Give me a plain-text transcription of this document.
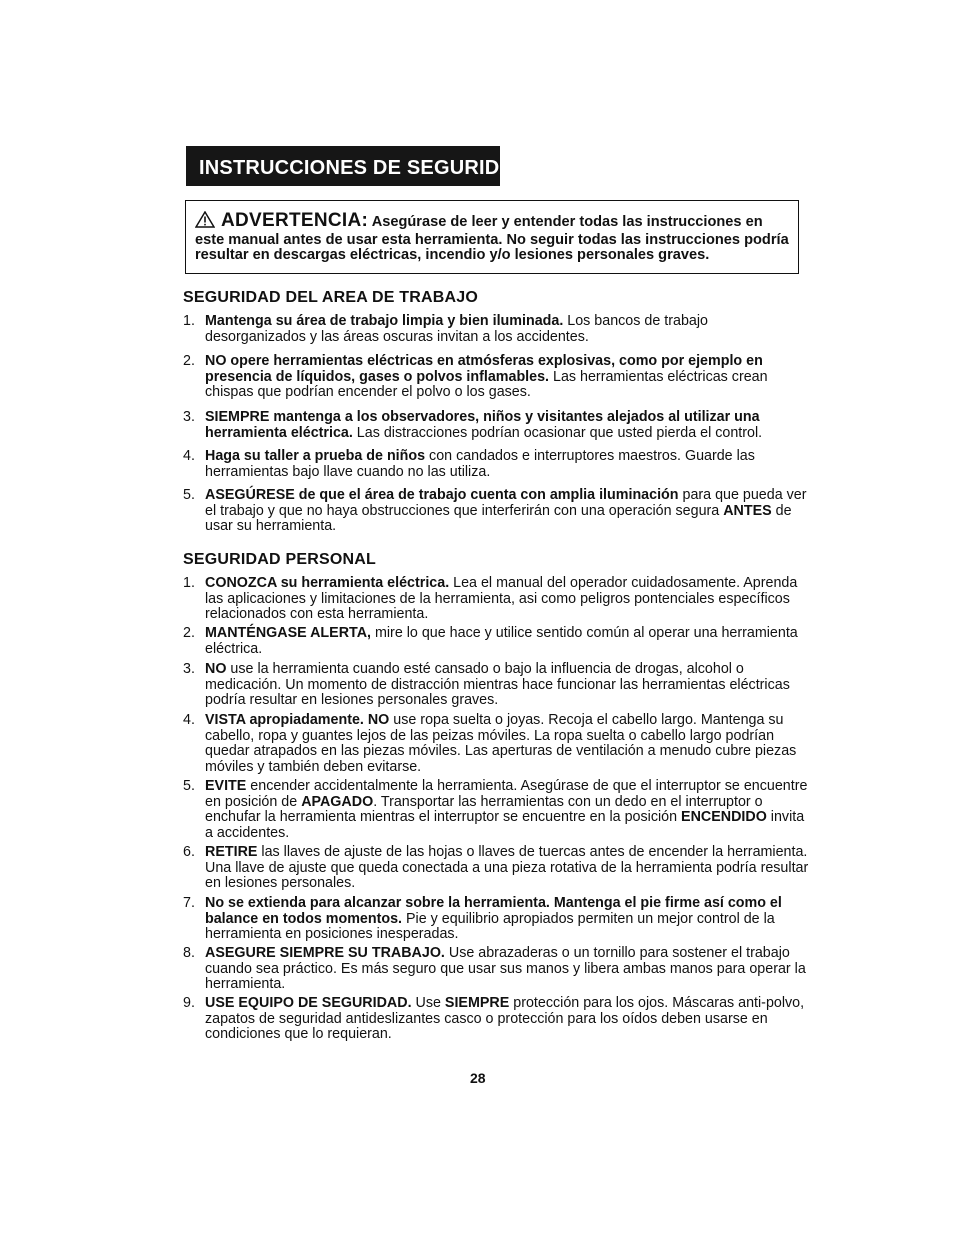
INSTRUCCIONES DE SEGURIDAD
ADVERTENCIA: Asegúrase de leer y entender todas las instrucciones en este manual antes de usar esta herramienta. No seguir todas las instrucciones podría resultar en descargas eléctricas, incendio y/o lesiones personales graves.
SEGURIDAD DEL AREA DE TRABAJO
1. Mantenga su área de trabajo limpia y bien iluminada. Los bancos de trabajo desorganizados y las áreas oscuras invitan a los accidentes.
2. NO opere herramientas eléctricas en atmósferas explosivas, como por ejemplo en presencia de líquidos, gases o polvos inflamables. Las herramientas eléctricas crean chispas que podrían encender el polvo o los gases.
3. SIEMPRE mantenga a los observadores, niños y visitantes alejados al utilizar una herramienta eléctrica. Las distracciones podrían ocasionar que usted pierda el control.
4. Haga su taller a prueba de niños con candados e interruptores maestros. Guarde las herramientas bajo llave cuando no las utiliza.
5. ASEGÚRESE de que el área de trabajo cuenta con amplia iluminación para que pueda ver el trabajo y que no haya obstrucciones que interferirán con una operación segura ANTES de usar su herramienta.
SEGURIDAD PERSONAL
1. CONOZCA su herramienta eléctrica. Lea el manual del operador cuidadosamente. Aprenda las aplicaciones y limitaciones de la herramienta, asi como peligros pontenciales específicos relacionados con esta herramienta.
2. MANTÉNGASE ALERTA, mire lo que hace y utilice sentido común al operar una herramienta eléctrica.
3. NO use la herramienta cuando esté cansado o bajo la influencia de drogas, alcohol o medicación. Un momento de distracción mientras hace funcionar las herramientas eléctricas podría resultar en lesiones personales graves.
4. VISTA apropiadamente. NO use ropa suelta o joyas. Recoja el cabello largo. Mantenga su cabello, ropa y guantes lejos de las peizas móviles. La ropa suelta o cabello largo podrían quedar atrapados en las piezas móviles. Las aperturas de ventilación a menudo cubre piezas móviles y también deben evitarse.
5. EVITE encender accidentalmente la herramienta. Asegúrase de que el interruptor se encuentre en posición de APAGADO. Transportar las herramientas con un dedo en el interruptor o enchufar la herramienta mientras el interruptor se encuentre en la posición ENCENDIDO invita a accidentes.
6. RETIRE las llaves de ajuste de las hojas o llaves de tuercas antes de encender la herramienta. Una llave de ajuste que queda conectada a una pieza rotativa de la herramienta podría resultar en lesiones personales.
7. No se extienda para alcanzar sobre la herramienta. Mantenga el pie firme así como el balance en todos momentos. Pie y equilibrio apropiados permiten un mejor control de la herramienta en posiciones inesperadas.
8. ASEGURE SIEMPRE SU TRABAJO. Use abrazaderas o un tornillo para sostener el trabajo cuando sea práctico. Es más seguro que usar sus manos y libera ambas manos para operar la herramienta.
9. USE EQUIPO DE SEGURIDAD. Use SIEMPRE protección para los ojos. Máscaras anti-polvo, zapatos de seguridad antideslizantes casco o protección para los oídos deben usarse en condiciones que lo requieran.
28
